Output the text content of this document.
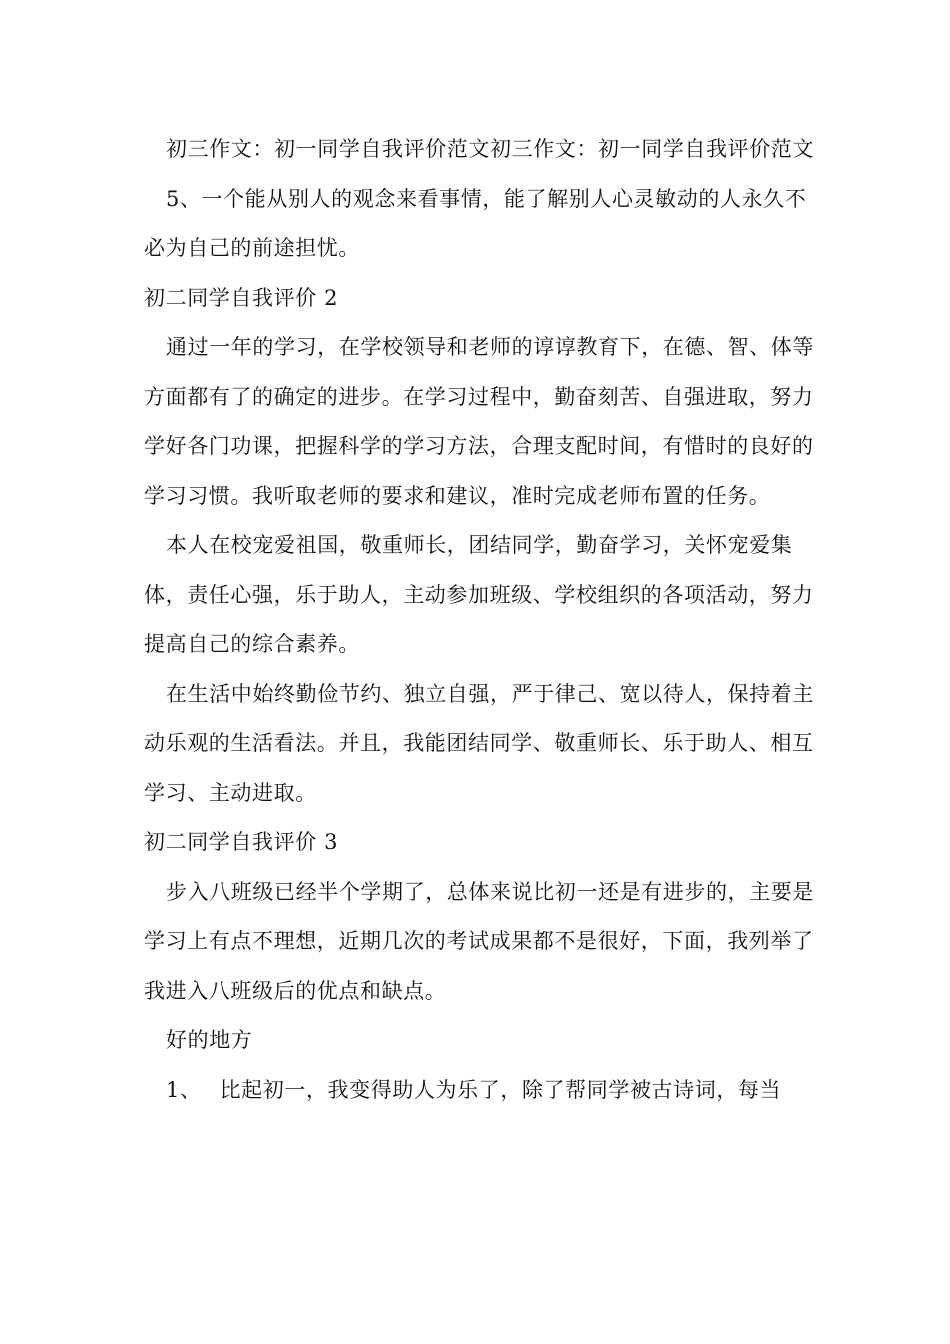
初三作文：初一同学自我评价范文初三作文：初一同学自我评价范文

5、一个能从别人的观念来看事情，能了解别人心灵敏动的人永久不必为自己的前途担忧。

初二同学自我评价 2

通过一年的学习，在学校领导和老师的谆谆教育下，在德、智、体等方面都有了的确定的进步。在学习过程中，勤奋刻苦、自强进取，努力学好各门功课，把握科学的学习方法，合理支配时间，有惜时的良好的学习习惯。我听取老师的要求和建议，准时完成老师布置的任务。

本人在校宠爱祖国，敬重师长，团结同学，勤奋学习，关怀宠爱集体，责任心强，乐于助人，主动参加班级、学校组织的各项活动，努力提高自己的综合素养。

在生活中始终勤俭节约、独立自强，严于律己、宽以待人，保持着主动乐观的生活看法。并且，我能团结同学、敬重师长、乐于助人、相互学习、主动进取。

初二同学自我评价 3

步入八班级已经半个学期了，总体来说比初一还是有进步的，主要是学习上有点不理想，近期几次的考试成果都不是很好，下面，我列举了我进入八班级后的优点和缺点。

好的地方

1、 比起初一，我变得助人为乐了，除了帮同学被古诗词，每当
